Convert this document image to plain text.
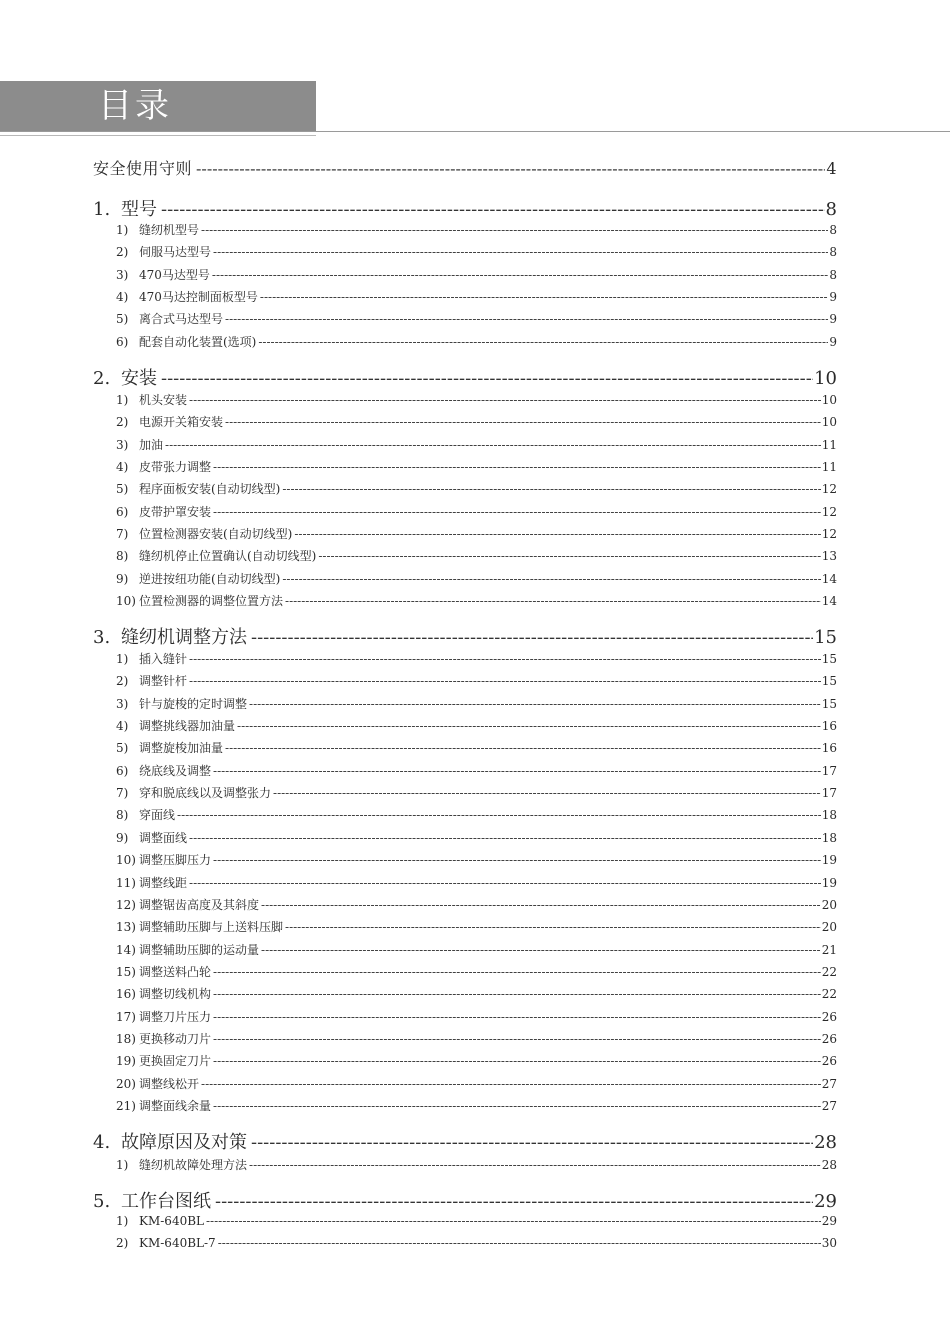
目录
安全使用守则 -----	4
1. 型号 -----	8
1) 缝纫机型号 -----	8
2) 伺服马达型号 -----	8
3) 470马达型号 -----	8
4) 470马达控制面板型号 -----	9
5) 离合式马达型号 -----	9
6) 配套自动化装置(选项) -----	9
2. 安装 -----	10
1) 机头安装 -----	10
2) 电源开关箱安装 -----	10
3) 加油 -----	11
4) 皮带张力调整 -----	11
5) 程序面板安装(自动切线型) -----	12
6) 皮带护罩安装 -----	12
7) 位置检测器安装(自动切线型) -----	12
8) 缝纫机停止位置确认(自动切线型) -----	13
9) 逆进按纽功能(自动切线型) -----	14
10) 位置检测器的调整位置方法 -----	14
3. 缝纫机调整方法 -----	15
1) 插入缝针 -----	15
2) 调整针杆 -----	15
3) 针与旋梭的定时调整 -----	15
4) 调整挑线器加油量 -----	16
5) 调整旋梭加油量 -----	16
6) 绕底线及调整 -----	17
7) 穿和脱底线以及调整张力 -----	17
8) 穿面线 -----	18
9) 调整面线 -----	18
10) 调整压脚压力 -----	19
11) 调整线距 -----	19
12) 调整锯齿高度及其斜度 -----	20
13) 调整辅助压脚与上送料压脚 -----	20
14) 调整辅助压脚的运动量 -----	21
15) 调整送料凸轮 -----	22
16) 调整切线机构 -----	22
17) 调整刀片压力 -----	26
18) 更换移动刀片 -----	26
19) 更换固定刀片 -----	26
20) 调整线松开 -----	27
21) 调整面线余量 -----	27
4. 故障原因及对策 -----	28
1) 缝纫机故障处理方法 -----	28
5. 工作台图纸 -----	29
1) KM-640BL -----	29
2) KM-640BL-7 -----	30
